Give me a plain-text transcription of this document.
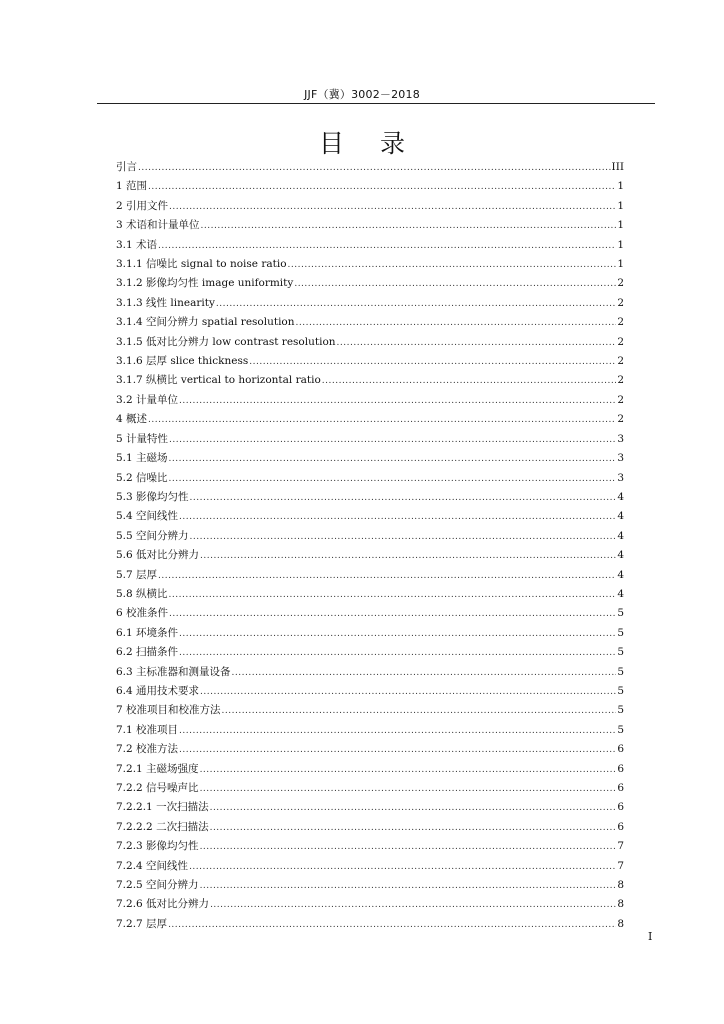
JJF（冀）3002－2018
目 录
引言 .....	III
1 范围 .....	1
2 引用文件 .....	1
3 术语和计量单位 .....	1
3.1 术语 .....	1
3.1.1 信噪比 signal to noise ratio .....	1
3.1.2 影像均匀性 image uniformity .....	2
3.1.3 线性 linearity .....	2
3.1.4 空间分辨力 spatial resolution .....	2
3.1.5 低对比分辨力 low contrast resolution .....	2
3.1.6 层厚 slice thickness .....	2
3.1.7 纵横比 vertical to horizontal ratio .....	2
3.2 计量单位 .....	2
4 概述 .....	2
5 计量特性 .....	3
5.1 主磁场 .....	3
5.2 信噪比 .....	3
5.3 影像均匀性 .....	4
5.4 空间线性 .....	4
5.5 空间分辨力 .....	4
5.6 低对比分辨力 .....	4
5.7 层厚 .....	4
5.8 纵横比 .....	4
6 校准条件 .....	5
6.1 环境条件 .....	5
6.2 扫描条件 .....	5
6.3 主标准器和测量设备 .....	5
6.4 通用技术要求 .....	5
7 校准项目和校准方法 .....	5
7.1 校准项目 .....	5
7.2 校准方法 .....	6
7.2.1 主磁场强度 .....	6
7.2.2 信号噪声比 .....	6
7.2.2.1 一次扫描法 .....	6
7.2.2.2 二次扫描法 .....	6
7.2.3 影像均匀性 .....	7
7.2.4 空间线性 .....	7
7.2.5 空间分辨力 .....	8
7.2.6 低对比分辨力 .....	8
7.2.7 层厚 .....	8
I
